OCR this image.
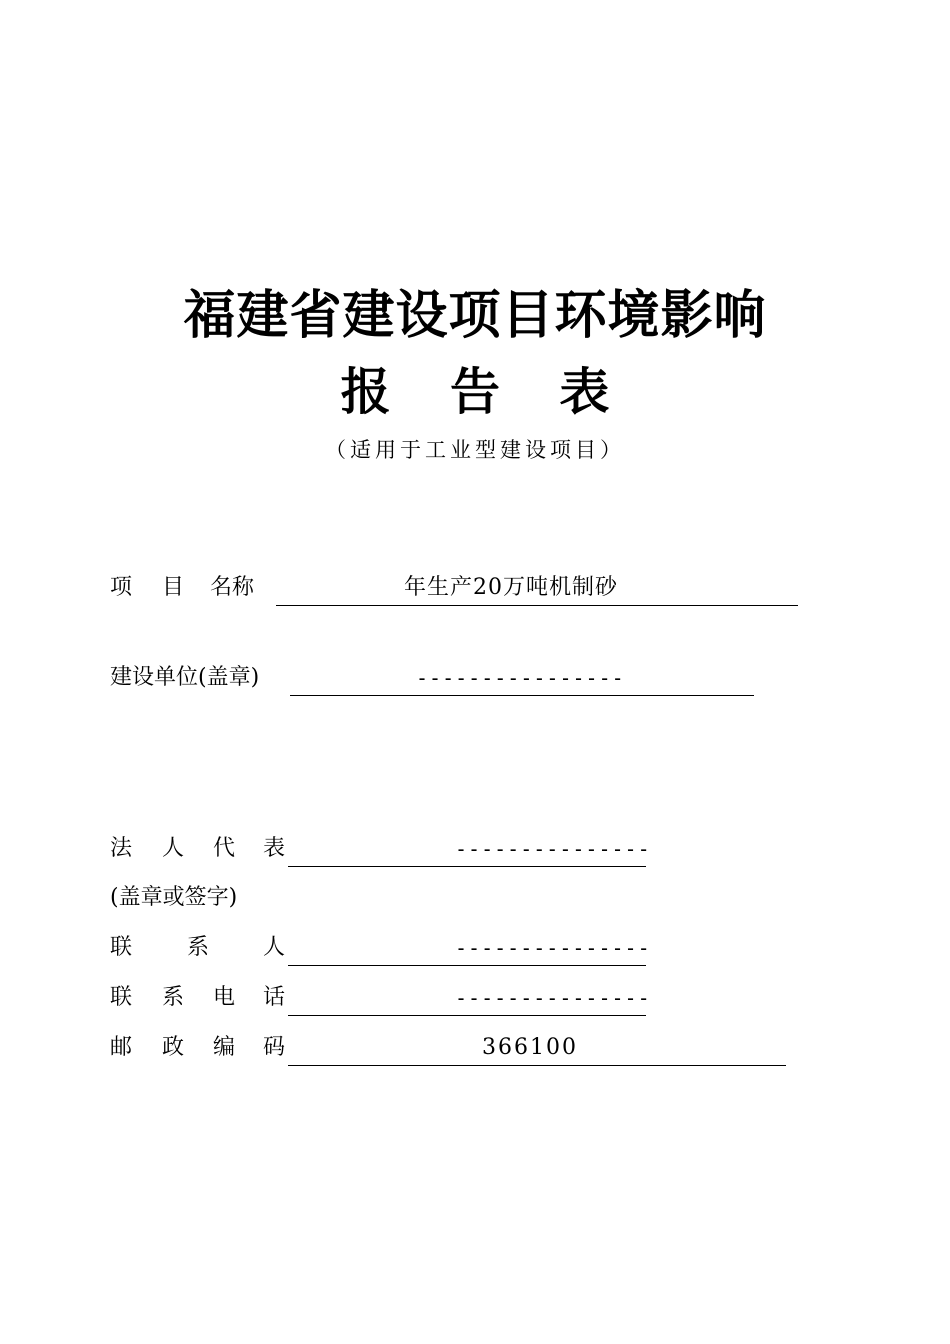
福建省建设项目环境影响
报 告 表
（适用于工业型建设项目）
项 目 名称	年生产20万吨机制砂
建设单位(盖章)	----------------
法 人 代 表	---------------
(盖章或签字)
联 系 人	---------------
联 系 电 话	---------------
邮 政 编 码	366100
